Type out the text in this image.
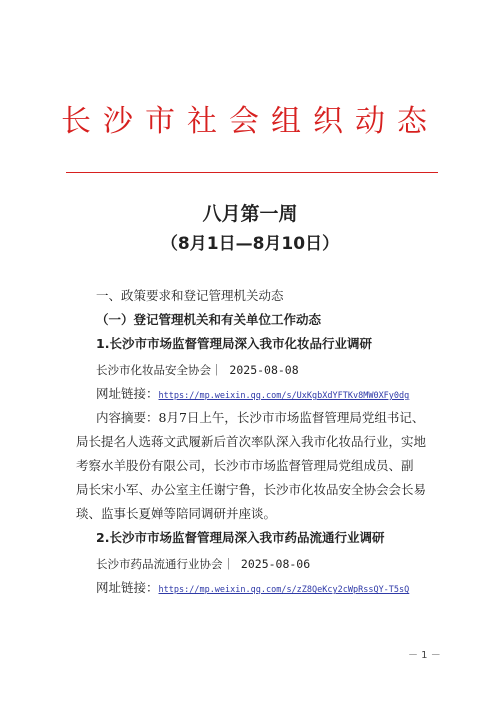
长沙市社会组织动态
八月第一周
（8月1日—8月10日）
一、政策要求和登记管理机关动态
（一）登记管理机关和有关单位工作动态
1.长沙市市场监督管理局深入我市化妆品行业调研
长沙市化妆品安全协会｜ 2025-08-08
网址链接：https://mp.weixin.qq.com/s/UxKgbXdYFTKv8MW0XFy0dg
内容摘要：8月7日上午，长沙市市场监督管理局党组书记、
局长提名人选蒋文武履新后首次率队深入我市化妆品行业，实地
考察水羊股份有限公司，长沙市市场监督管理局党组成员、副
局长宋小军、办公室主任谢宁鲁，长沙市化妆品安全协会会长易
琰、监事长夏婵等陪同调研并座谈。
2.长沙市市场监督管理局深入我市药品流通行业调研
长沙市药品流通行业协会｜ 2025-08-06
网址链接：https://mp.weixin.qq.com/s/zZ8QeKcy2cWpRssQY-T5sQ
－ 1 －
